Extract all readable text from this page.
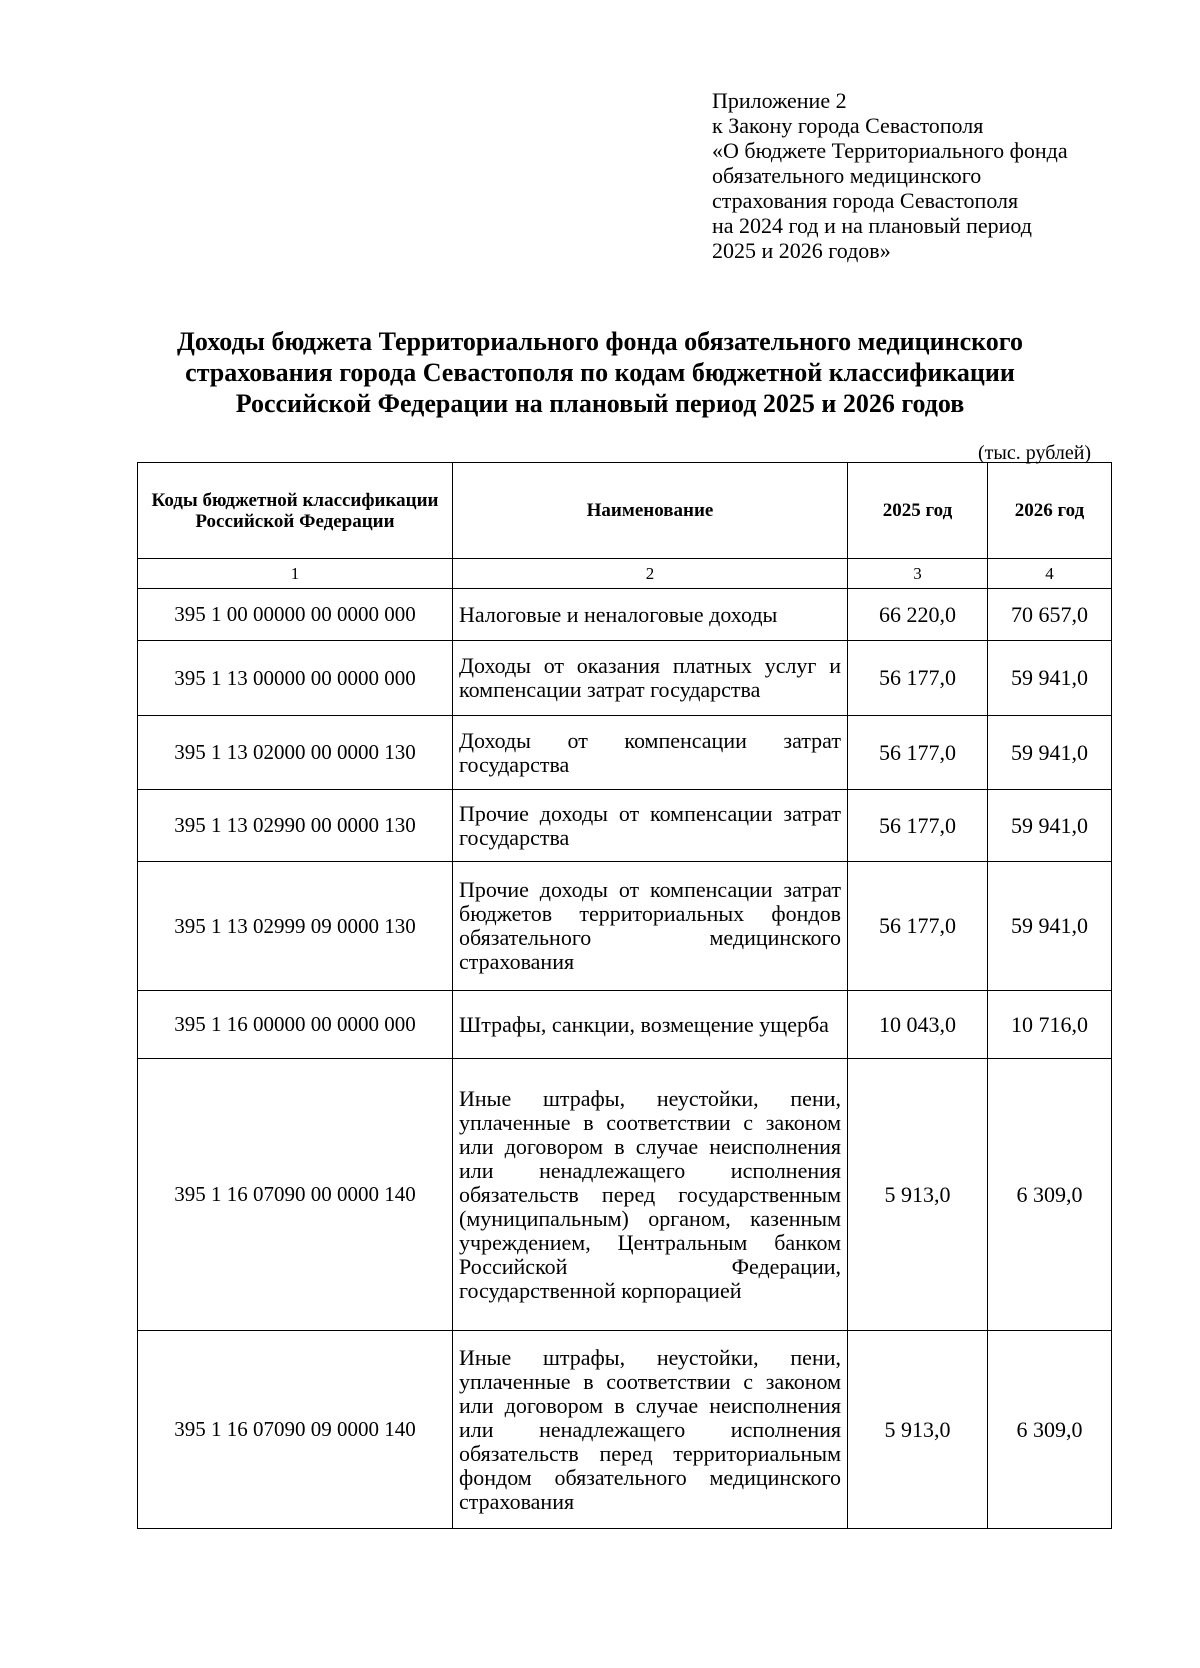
Приложение 2
к Закону города Севастополя
«О бюджете Территориального фонда
обязательного медицинского
страхования города Севастополя
на 2024 год и на плановый период
2025 и 2026 годов»
Доходы бюджета Территориального фонда обязательного медицинского
страхования города Севастополя по кодам бюджетной классификации
Российской Федерации на плановый период 2025 и 2026 годов
(тыс. рублей)
Коды бюджетной классификации Российской Федерации	Наименование	2025 год	2026 год
1	2	3	4
395 1 00 00000 00 0000 000	Налоговые и неналоговые доходы	66 220,0	70 657,0
395 1 13 00000 00 0000 000	Доходы от оказания платных услуг и компенсации затрат государства	56 177,0	59 941,0
395 1 13 02000 00 0000 130	Доходы от компенсации затрат государства	56 177,0	59 941,0
395 1 13 02990 00 0000 130	Прочие доходы от компенсации затрат государства	56 177,0	59 941,0
395 1 13 02999 09 0000 130	Прочие доходы от компенсации затрат бюджетов территориальных фондов обязательного медицинского страхования	56 177,0	59 941,0
395 1 16 00000 00 0000 000	Штрафы, санкции, возмещение ущерба	10 043,0	10 716,0
395 1 16 07090 00 0000 140	Иные штрафы, неустойки, пени, уплаченные в соответствии с законом или договором в случае неисполнения или ненадлежащего исполнения обязательств перед государственным (муниципальным) органом, казенным учреждением, Центральным банком Российской Федерации, государственной корпорацией	5 913,0	6 309,0
395 1 16 07090 09 0000 140	Иные штрафы, неустойки, пени, уплаченные в соответствии с законом или договором в случае неисполнения или ненадлежащего исполнения обязательств перед территориальным фондом обязательного медицинского страхования	5 913,0	6 309,0
